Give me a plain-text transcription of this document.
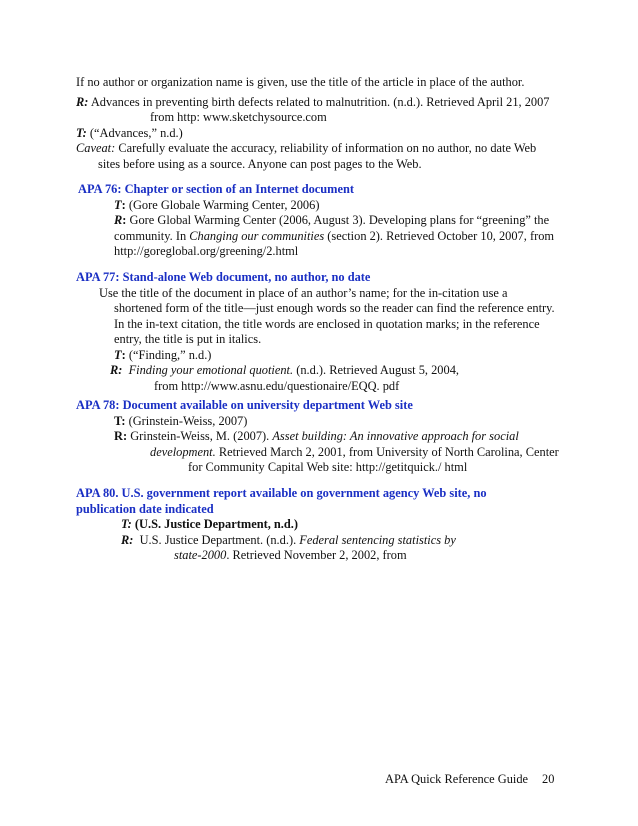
If no author or organization name is given, use the title of the article in place of the author.
R: Advances in preventing birth defects related to malnutrition. (n.d.). Retrieved April 21, 2007
from http: www.sketchysource.com
T: (“Advances,” n.d.)
Caveat: Carefully evaluate the accuracy, reliability of information on no author, no date Web
sites before using as a source. Anyone can post pages to the Web.
APA 76: Chapter or section of an Internet document
T: (Gore Globale Warming Center, 2006)
R: Gore Global Warming Center (2006, August 3). Developing plans for “greening” the
community. In Changing our communities (section 2). Retrieved October 10, 2007, from
http://goreglobal.org/greening/2.html
APA 77: Stand-alone Web document, no author, no date
Use the title of the document in place of an author’s name; for the in-citation use a
shortened form of the title—just enough words so the reader can find the reference entry.
In the in-text citation, the title words are enclosed in quotation marks; in the reference
entry, the title is put in italics.
T: (“Finding,” n.d.)
R: Finding your emotional quotient. (n.d.). Retrieved August 5, 2004,
from http://www.asnu.edu/questionaire/EQQ. pdf
APA 78: Document available on university department Web site
T: (Grinstein-Weiss, 2007)
R: Grinstein-Weiss, M. (2007). Asset building: An innovative approach for social
development. Retrieved March 2, 2001, from University of North Carolina, Center
for Community Capital Web site: http://getitquick./ html
APA 80. U.S. government report available on government agency Web site, no
publication date indicated
T: (U.S. Justice Department, n.d.)
R: U.S. Justice Department. (n.d.). Federal sentencing statistics by
state-2000. Retrieved November 2, 2002, from
APA Quick Reference Guide 20
